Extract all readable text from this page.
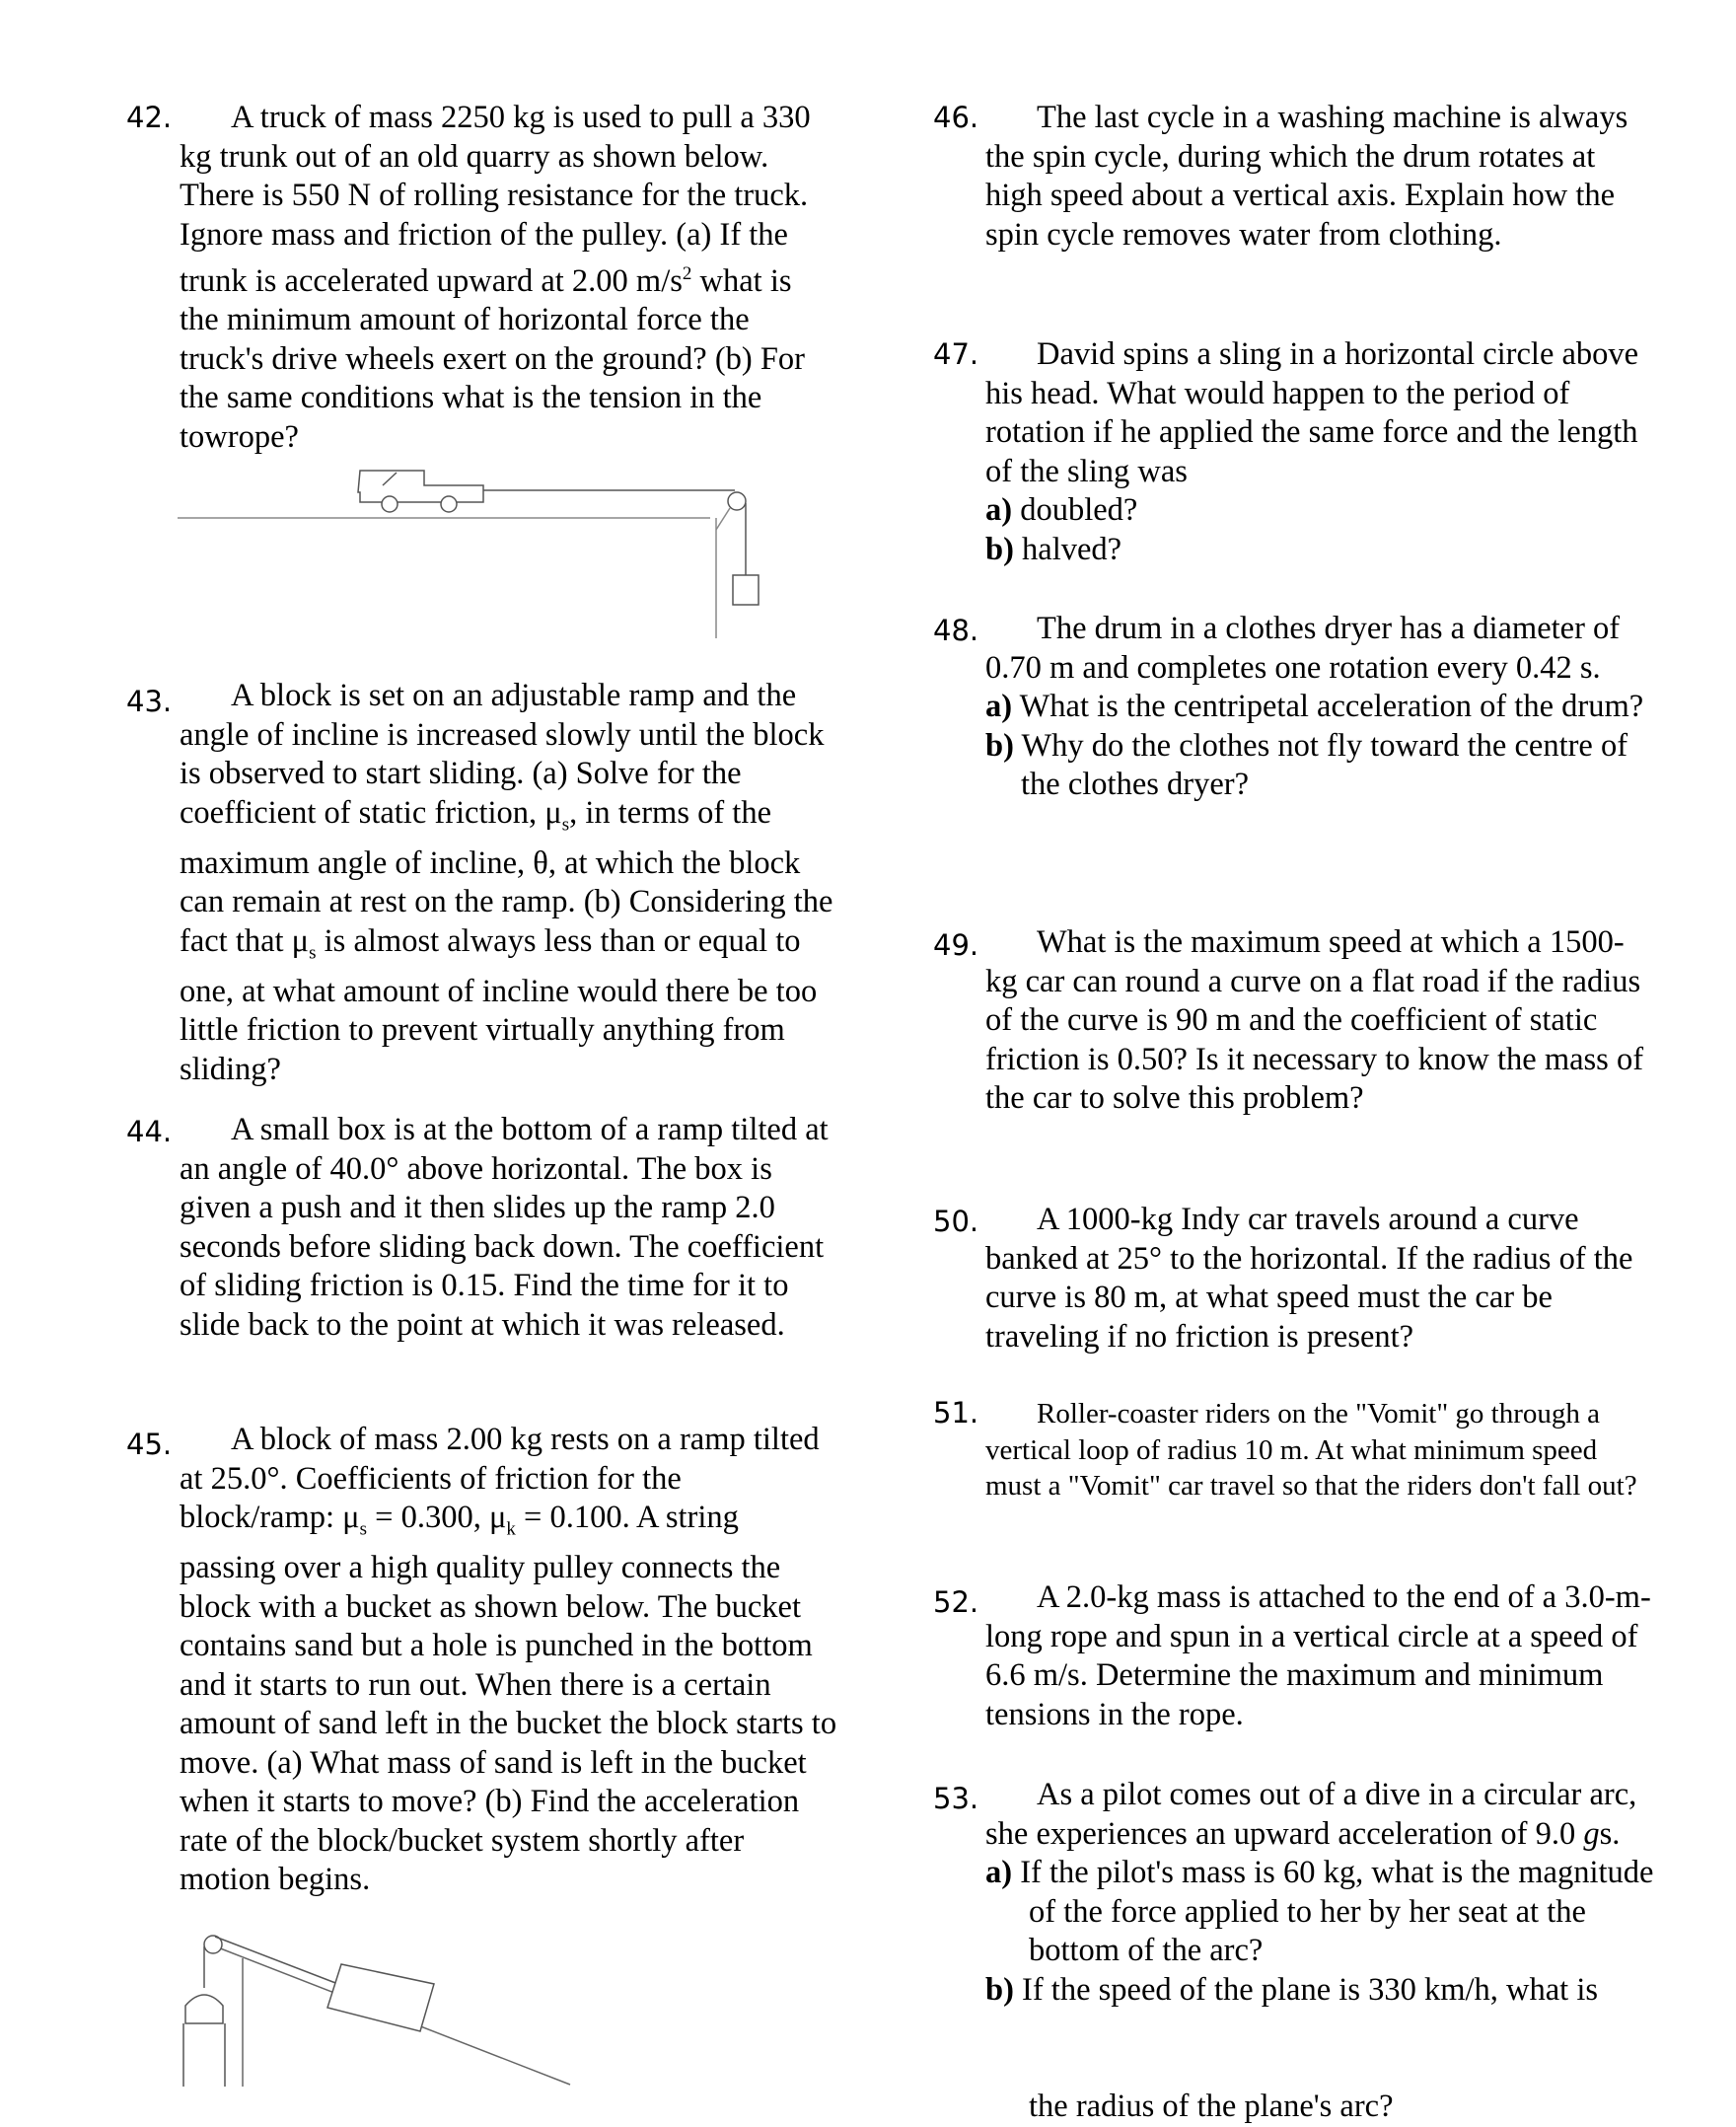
42.	A truck of mass 2250 kg is used to pull a 330 kg trunk out of an old quarry as shown below. There is 550 N of rolling resistance for the truck. Ignore mass and friction of the pulley. (a) If the trunk is accelerated upward at 2.00 $m/s^2$ what is the minimum amount of horizontal force the truck's drive wheels exert on the ground? (b) For the same conditions what is the tension in the towrope?
43.	A block is set on an adjustable ramp and the angle of incline is increased slowly until the block is observed to start sliding. (a) Solve for the coefficient of static friction, $\mu_s$, in terms of the maximum angle of incline, θ, at which the block can remain at rest on the ramp. (b) Considering the fact that $\mu_s$ is almost always less than or equal to one, at what amount of incline would there be too little friction to prevent virtually anything from sliding?
44.	A small box is at the bottom of a ramp tilted at an angle of 40.0° above horizontal. The box is given a push and it then slides up the ramp 2.0 seconds before sliding back down. The coefficient of sliding friction is 0.15. Find the time for it to slide back to the point at which it was released.
45.	A block of mass 2.00 kg rests on a ramp tilted at 25.0°. Coefficients of friction for the block/ramp: $\mu_s = 0.300$, $\mu_k = 0.100$. A string passing over a high quality pulley connects the block with a bucket as shown below. The bucket contains sand but a hole is punched in the bottom and it starts to run out. When there is a certain amount of sand left in the bucket the block starts to move. (a) What mass of sand is left in the bucket when it starts to move? (b) Find the acceleration rate of the block/bucket system shortly after motion begins.
46.	The last cycle in a washing machine is always the spin cycle, during which the drum rotates at high speed about a vertical axis. Explain how the spin cycle removes water from clothing.
47.	David spins a sling in a horizontal circle above his head. What would happen to the period of rotation if he applied the same force and the length of the sling was
a) doubled?
b) halved?
48.	The drum in a clothes dryer has a diameter of 0.70 m and completes one rotation every 0.42 s.
a) What is the centripetal acceleration of the drum?
b) Why do the clothes not fly toward the centre of the clothes dryer?
49.	What is the maximum speed at which a 1500-kg car can round a curve on a flat road if the radius of the curve is 90 m and the coefficient of static friction is 0.50? Is it necessary to know the mass of the car to solve this problem?
50.	A 1000-kg Indy car travels around a curve banked at 25° to the horizontal. If the radius of the curve is 80 m, at what speed must the car be traveling if no friction is present?
51.	Roller-coaster riders on the "Vomit" go through a vertical loop of radius 10 m. At what minimum speed must a "Vomit" car travel so that the riders don't fall out?
52.	A 2.0-kg mass is attached to the end of a 3.0-m-long rope and spun in a vertical circle at a speed of 6.6 m/s. Determine the maximum and minimum tensions in the rope.
53.	As a pilot comes out of a dive in a circular arc, she experiences an upward acceleration of 9.0 gs.
a) If the pilot's mass is 60 kg, what is the magnitude of the force applied to her by her seat at the bottom of the arc?
b) If the speed of the plane is 330 km/h, what is
the radius of the plane's arc?
